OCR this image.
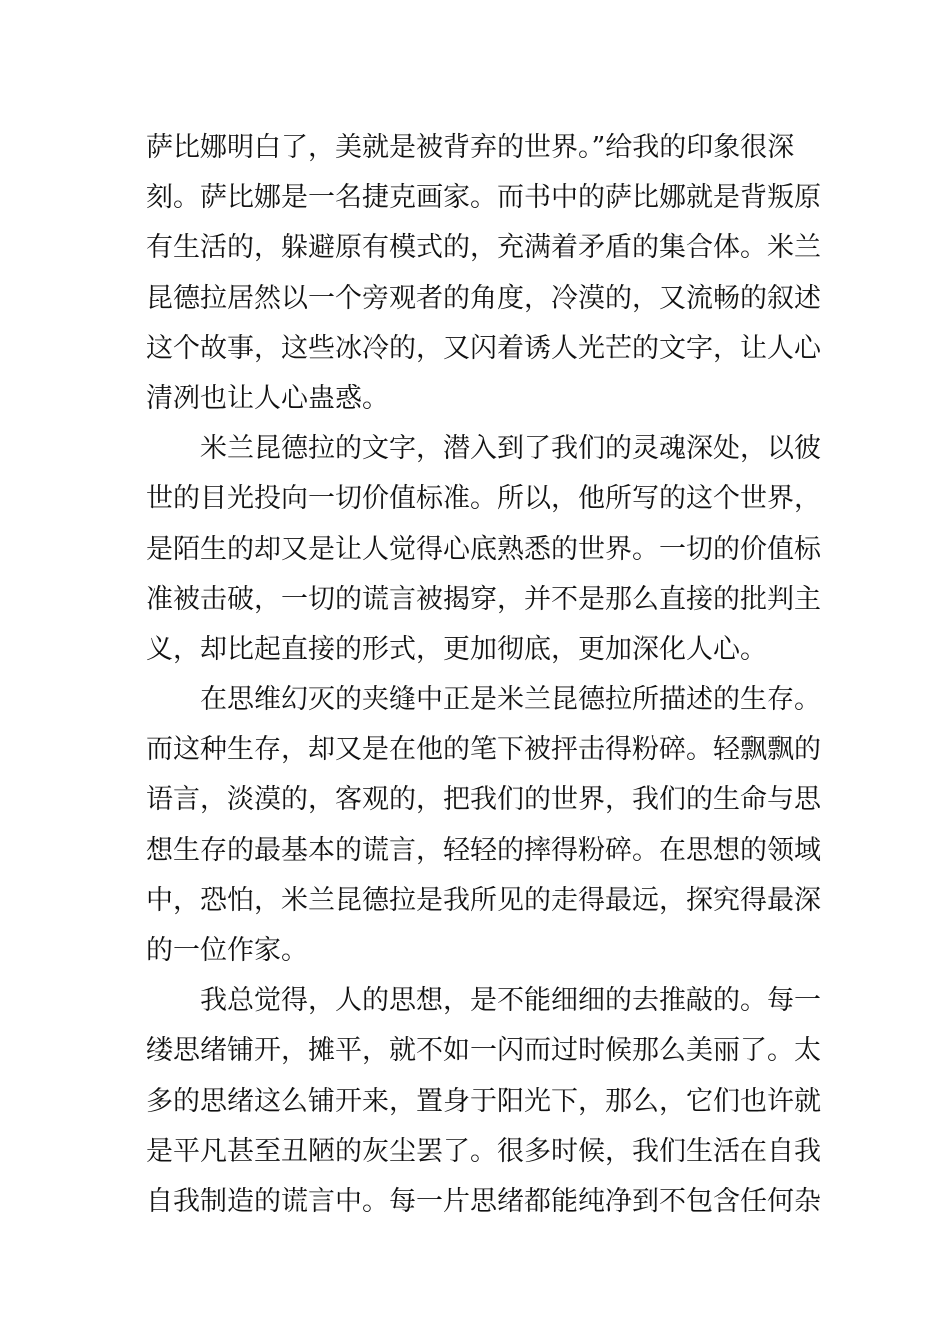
萨比娜明白了，美就是被背弃的世界。”给我的印象很深
刻。萨比娜是一名捷克画家。而书中的萨比娜就是背叛原
有生活的，躲避原有模式的，充满着矛盾的集合体。米兰
昆德拉居然以一个旁观者的角度，冷漠的，又流畅的叙述
这个故事，这些冰冷的，又闪着诱人光芒的文字，让人心
清冽也让人心蛊惑。
米兰昆德拉的文字，潜入到了我们的灵魂深处，以彼
世的目光投向一切价值标准。所以，他所写的这个世界，
是陌生的却又是让人觉得心底熟悉的世界。一切的价值标
准被击破，一切的谎言被揭穿，并不是那么直接的批判主
义，却比起直接的形式，更加彻底，更加深化人心。
在思维幻灭的夹缝中正是米兰昆德拉所描述的生存。
而这种生存，却又是在他的笔下被抨击得粉碎。轻飘飘的
语言，淡漠的，客观的，把我们的世界，我们的生命与思
想生存的最基本的谎言，轻轻的摔得粉碎。在思想的领域
中，恐怕，米兰昆德拉是我所见的走得最远，探究得最深
的一位作家。
我总觉得，人的思想，是不能细细的去推敲的。每一
缕思绪铺开，摊平，就不如一闪而过时候那么美丽了。太
多的思绪这么铺开来，置身于阳光下，那么，它们也许就
是平凡甚至丑陋的灰尘罢了。很多时候，我们生活在自我
自我制造的谎言中。每一片思绪都能纯净到不包含任何杂
